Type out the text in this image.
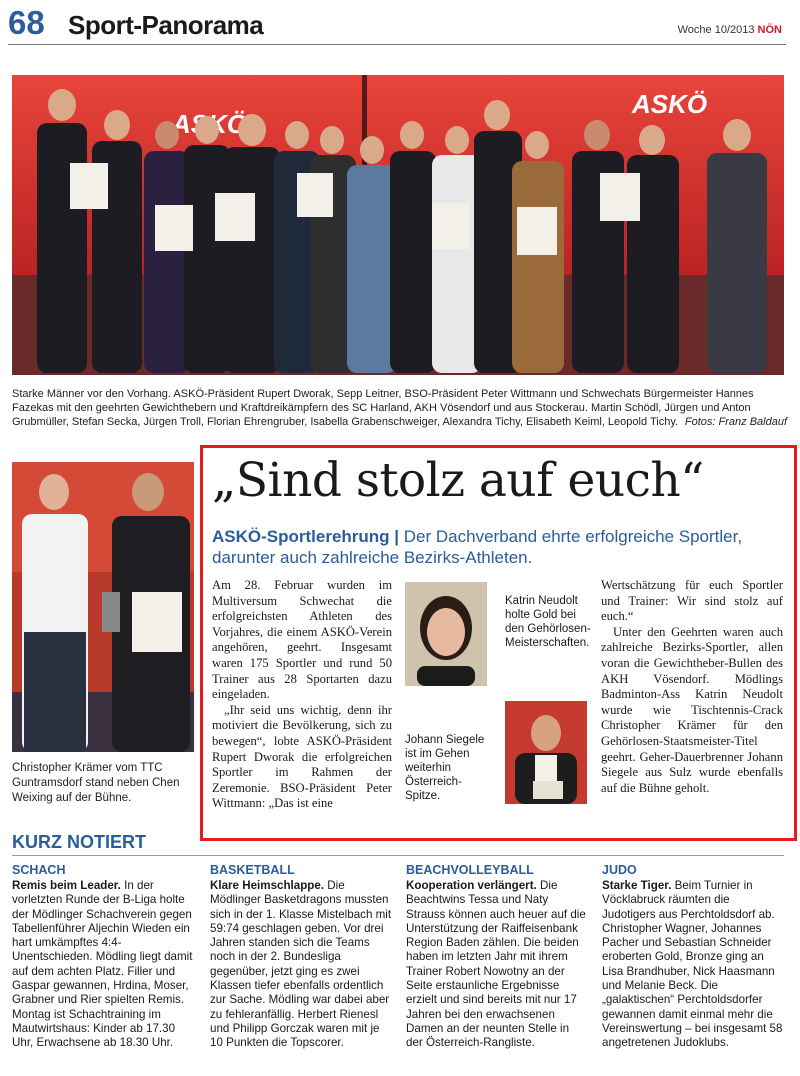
68 Sport-Panorama	Woche 10/2013 NÖN
ASKÖ
Starke Männer vor den Vorhang. ASKÖ-Präsident Rupert Dworak, Sepp Leitner, BSO-Präsident Peter Wittmann und Schwechats Bürgermeister Hannes Fazekas mit den geehrten Gewichthebern und Kraftdreikämpfern des SC Harland, AKH Vösendorf und aus Stockerau. Martin Schödl, Jürgen und Anton Grubmüller, Stefan Secka, Jürgen Troll, Florian Ehrengruber, Isabella Grabenschweiger, Alexandra Tichy, Elisabeth Keiml, Leopold Tichy. Fotos: Franz Baldauf
Christopher Krämer vom TTC Guntramsdorf stand neben Chen Weixing auf der Bühne.
„Sind stolz auf euch“
ASKÖ-Sportlerehrung | Der Dachverband ehrte erfolgreiche Sportler, darunter auch zahlreiche Bezirks-Athleten.

Am 28. Februar wurden im Multiversum Schwechat die erfolgreichsten Athleten des Vorjahres, die einem ASKÖ-Verein angehören, geehrt. Insgesamt waren 175 Sportler und rund 50 Trainer aus 28 Sportarten dazu eingeladen.

„Ihr seid uns wichtig, denn ihr motiviert die Bevölkerung, sich zu bewegen“, lobte ASKÖ-Präsident Rupert Dworak die erfolgreichen Sportler im Rahmen der Zeremonie. BSO-Präsident Peter Wittmann: „Das ist eine

Katrin Neudolt holte Gold bei den Gehörlosen-Meisterschaften.
Johann Siegele ist im Gehen weiterhin Österreich-Spitze.

Wertschätzung für euch Sportler und Trainer: Wir sind stolz auf euch.“

Unter den Geehrten waren auch zahlreiche Bezirks-Sportler, allen voran die Gewichtheber-Bullen des AKH Vösendorf. Mödlings Badminton-Ass Katrin Neudolt wurde wie Tischtennis-Crack Christopher Krämer für den Gehörlosen-Staatsmeister-Titel geehrt. Geher-Dauerbrenner Johann Siegele aus Sulz wurde ebenfalls auf die Bühne geholt.

KURZ NOTIERT
SCHACH
Remis beim Leader. In der vorletzten Runde der B-Liga holte der Mödlinger Schachverein gegen Tabellenführer Aljechin Wieden ein hart umkämpftes 4:4-Unentschieden. Mödling liegt damit auf dem achten Platz. Filler und Gaspar gewannen, Hrdina, Moser, Grabner und Rier spielten Remis. Montag ist Schachtraining im Mautwirtshaus: Kinder ab 17.30 Uhr, Erwachsene ab 18.30 Uhr.
BASKETBALL
Klare Heimschlappe. Die Mödlinger Basketdragons mussten sich in der 1. Klasse Mistelbach mit 59:74 geschlagen geben. Vor drei Jahren standen sich die Teams noch in der 2. Bundesliga gegenüber, jetzt ging es zwei Klassen tiefer ebenfalls ordentlich zur Sache. Mödling war dabei aber zu fehleranfällig. Herbert Rienesl und Philipp Gorczak waren mit je 10 Punkten die Topscorer.
BEACHVOLLEYBALL
Kooperation verlängert. Die Beachtwins Tessa und Naty Strauss können auch heuer auf die Unterstützung der Raiffeisenbank Region Baden zählen. Die beiden haben im letzten Jahr mit ihrem Trainer Robert Nowotny an der Seite erstaunliche Ergebnisse erzielt und sind bereits mit nur 17 Jahren bei den erwachsenen Damen an der neunten Stelle in der Österreich-Rangliste.
JUDO
Starke Tiger. Beim Turnier in Vöcklabruck räumten die Judotigers aus Perchtoldsdorf ab. Christopher Wagner, Johannes Pacher und Sebastian Schneider eroberten Gold, Bronze ging an Lisa Brandhuber, Nick Haasmann und Melanie Beck. Die „galaktischen“ Perchtoldsdorfer gewannen damit einmal mehr die Vereinswertung – bei insgesamt 58 angetretenen Judoklubs.
